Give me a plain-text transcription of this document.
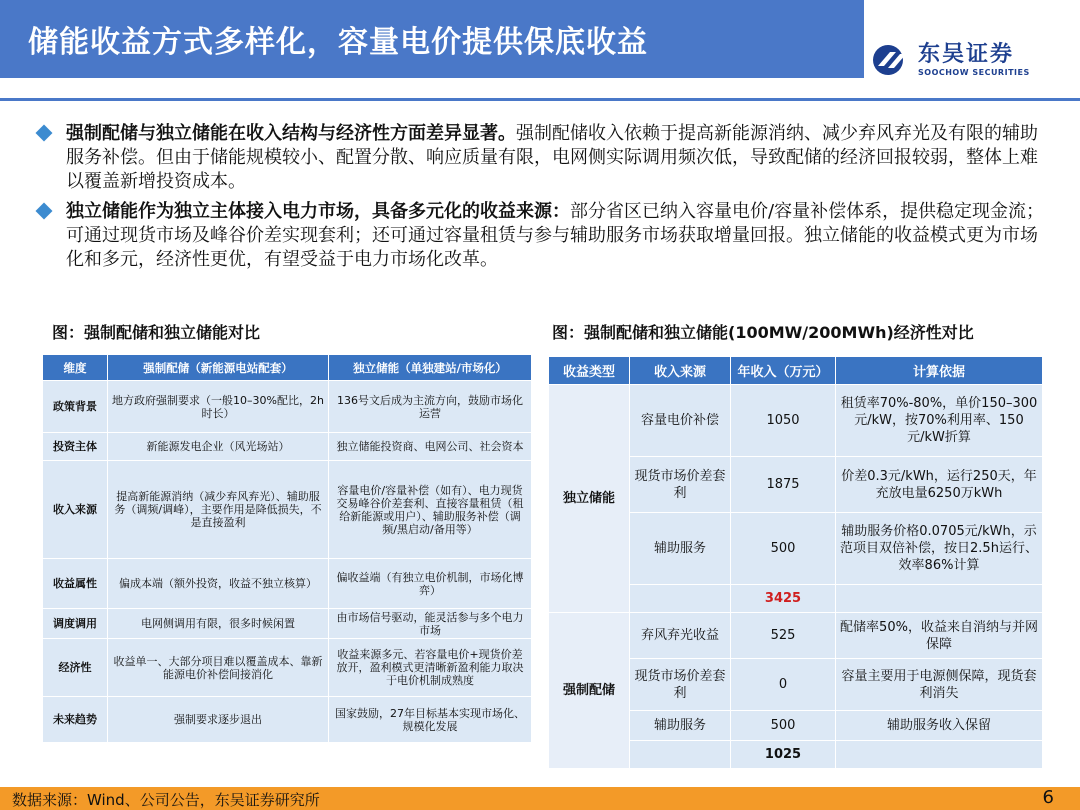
储能收益方式多样化，容量电价提供保底收益	东吴证券
SOOCHOW SECURITIES
强制配储与独立储能在收入结构与经济性方面差异显著。强制配储收入依赖于提高新能源消纳、减少弃风弃光及有限的辅助服务补偿。但由于储能规模较小、配置分散、响应质量有限，电网侧实际调用频次低，导致配储的经济回报较弱，整体上难以覆盖新增投资成本。
独立储能作为独立主体接入电力市场，具备多元化的收益来源：部分省区已纳入容量电价/容量补偿体系，提供稳定现金流；可通过现货市场及峰谷价差实现套利；还可通过容量租赁与参与辅助服务市场获取增量回报。独立储能的收益模式更为市场化和多元，经济性更优，有望受益于电力市场化改革。
图：强制配储和独立储能对比	图：强制配储和独立储能(100MW/200MWh)经济性对比
维度	强制配储（新能源电站配套）	独立储能（单独建站/市场化）
政策背景	地方政府强制要求（一般10–30%配比，2h时长）	136号文后成为主流方向，鼓励市场化运营
投资主体	新能源发电企业（风光场站）	独立储能投资商、电网公司、社会资本
收入来源	提高新能源消纳（减少弃风弃光）、辅助服务（调频/调峰），主要作用是降低损失，不是直接盈利	容量电价/容量补偿（如有）、电力现货交易峰谷价差套利、直接容量租赁（租给新能源或用户）、辅助服务补偿（调频/黑启动/备用等）
收益属性	偏成本端（额外投资，收益不独立核算）	偏收益端（有独立电价机制，市场化博弈）
调度调用	电网侧调用有限，很多时候闲置	由市场信号驱动，能灵活参与多个电力市场
经济性	收益单一、大部分项目难以覆盖成本、靠新能源电价补偿间接消化	收益来源多元、若容量电价+现货价差放开，盈利模式更清晰新盈利能力取决于电价机制成熟度
未来趋势	强制要求逐步退出	国家鼓励，27年目标基本实现市场化、规模化发展
收益类型	收入来源	年收入（万元）	计算依据
独立储能	容量电价补偿	1050	租赁率70%-80%，单价150–300元/kW，按70%利用率、150元/kW折算
	现货市场价差套利	1875	价差0.3元/kWh，运行250天，年充放电量6250万kWh
	辅助服务	500	辅助服务价格0.0705元/kWh，示范项目双倍补偿，按日2.5h运行、效率86%计算
		3425	
强制配储	弃风弃光收益	525	配储率50%，收益来自消纳与并网保障
	现货市场价差套利	0	容量主要用于电源侧保障，现货套利消失
	辅助服务	500	辅助服务收入保留
		1025	
数据来源：Wind、公司公告，东吴证券研究所	6
